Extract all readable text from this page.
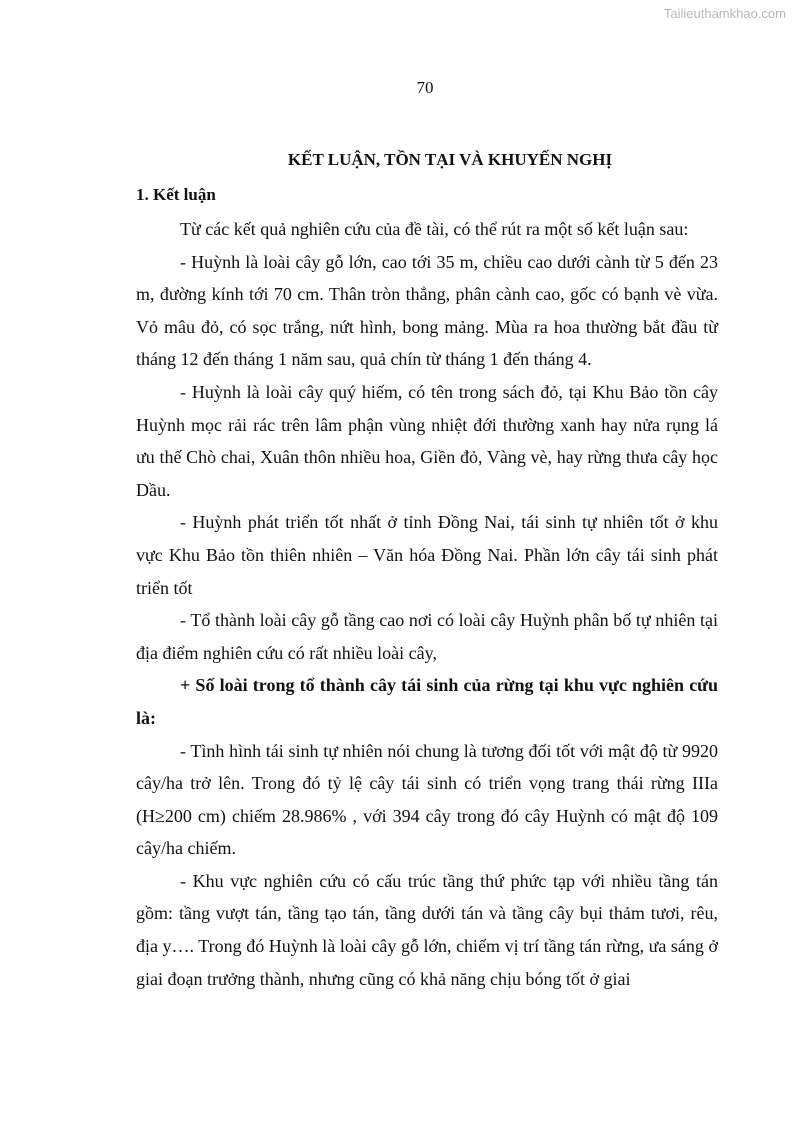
Tailieuthamkhao.com
70
KẾT LUẬN, TỒN TẠI VÀ KHUYẾN NGHỊ
1. Kết luận

Từ các kết quả nghiên cứu của đề tài, có thể rút ra một số kết luận sau:

- Huỳnh là loài cây gỗ lớn, cao tới 35 m, chiều cao dưới cành từ 5 đến 23 m, đường kính tới 70 cm. Thân tròn thẳng, phân cành cao, gốc có bạnh vè vừa. Vỏ mâu đỏ, có sọc trắng, nứt hình, bong mảng. Mùa ra hoa thường bắt đầu từ tháng 12 đến tháng 1 năm sau, quả chín từ tháng 1 đến tháng 4.

- Huỳnh là loài cây quý hiếm, có tên trong sách đỏ, tại Khu Bảo tồn cây Huỳnh mọc rải rác trên lâm phận vùng nhiệt đới thường xanh hay nửa rụng lá ưu thế Chò chai, Xuân thôn nhiều hoa, Giền đỏ, Vàng vè, hay rừng thưa cây học Dầu.

- Huỳnh phát triển tốt nhất ở tỉnh Đồng Nai, tái sinh tự nhiên tốt ở khu vực Khu Bảo tồn thiên nhiên – Văn hóa Đồng Nai. Phần lớn cây tái sinh phát triển tốt

- Tổ thành loài cây gỗ tầng cao nơi có loài cây Huỳnh phân bố tự nhiên tại địa điểm nghiên cứu có rất nhiều loài cây,

+ Số loài trong tổ thành cây tái sinh của rừng tại khu vực nghiên cứu là:

- Tình hình tái sinh tự nhiên nói chung là tương đối tốt với mật độ từ 9920 cây/ha trở lên. Trong đó tỷ lệ cây tái sinh có triển vọng trang thái rừng IIIa (H≥200 cm) chiếm 28.986% , với 394 cây trong đó cây Huỳnh có mật độ 109 cây/ha chiếm.

- Khu vực nghiên cứu có cấu trúc tầng thứ phức tạp với nhiều tầng tán gồm: tầng vượt tán, tầng tạo tán, tầng dưới tán và tầng cây bụi thảm tươi, rêu, địa y…. Trong đó Huỳnh là loài cây gỗ lớn, chiếm vị trí tầng tán rừng, ưa sáng ở giai đoạn trưởng thành, nhưng cũng có khả năng chịu bóng tốt ở giai
